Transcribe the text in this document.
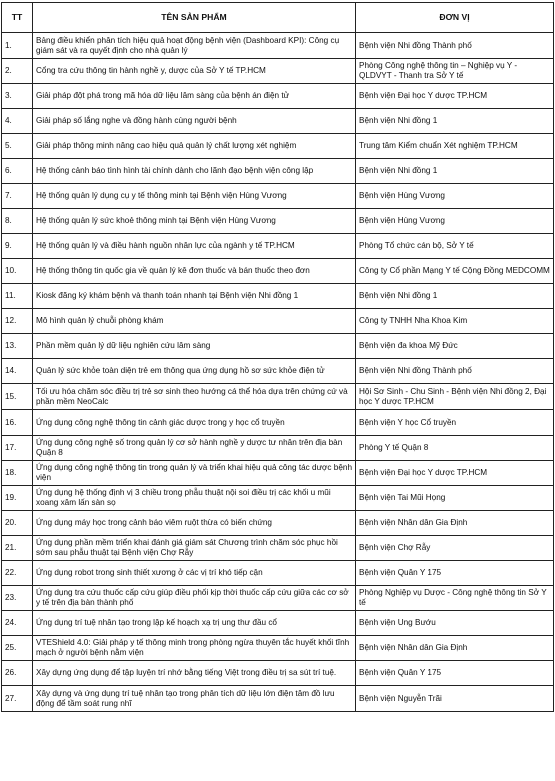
TT	TÊN SẢN PHẨM	ĐƠN VỊ
1.	Bảng điều khiển phân tích hiệu quả hoạt động bệnh viện (Dashboard KPI): Công cụ giám sát và ra quyết định cho nhà quản lý	Bệnh viện Nhi đồng Thành phố
2.	Cổng tra cứu thông tin hành nghề y, dược của Sở Y tế TP.HCM	Phòng Công nghệ thông tin – Nghiệp vụ Y - QLDVYT - Thanh tra Sở Y tế
3.	Giải pháp đột phá trong mã hóa dữ liệu lâm sàng của bệnh án điện tử	Bệnh viện Đại học Y dược TP.HCM
4.	Giải pháp số lắng nghe và đồng hành cùng người bệnh	Bệnh viện Nhi đồng 1
5.	Giải pháp thông minh nâng cao hiệu quả quản lý chất lượng xét nghiệm	Trung tâm Kiểm chuẩn Xét nghiệm TP.HCM
6.	Hệ thống cảnh báo tình hình tài chính dành cho lãnh đạo bệnh viện công lập	Bệnh viện Nhi đồng 1
7.	Hệ thống quản lý dụng cụ y tế thông minh tại Bệnh viện Hùng Vương	Bệnh viện Hùng Vương
8.	Hệ thống quản lý sức khoẻ thông minh tại Bệnh viện Hùng Vương	Bệnh viện Hùng Vương
9.	Hệ thống quản lý và điều hành nguồn nhân lực của ngành y tế TP.HCM	Phòng Tổ chức cán bộ, Sở Y tế
10.	Hệ thống thông tin quốc gia về quản lý kê đơn thuốc và bán thuốc theo đơn	Công ty Cổ phần Mạng Y tế Cộng Đồng MEDCOMM
11.	Kiosk đăng ký khám bệnh và thanh toán nhanh tại Bệnh viện Nhi đồng 1	Bệnh viện Nhi đồng 1
12.	Mô hình quản lý chuỗi phòng khám	Công ty TNHH Nha Khoa Kim
13.	Phần mềm quản lý dữ liệu nghiên cứu lâm sàng	Bệnh viện đa khoa Mỹ Đức
14.	Quản lý sức khỏe toàn diện trẻ em thông qua ứng dụng hồ sơ sức khỏe điện tử	Bệnh viện Nhi đồng Thành phố
15.	Tối ưu hóa chăm sóc điều trị trẻ sơ sinh theo hướng cá thể hóa dựa trên chứng cứ và phần mềm NeoCalc	Hội Sơ Sinh - Chu Sinh - Bệnh viện Nhi đồng 2, Đại học Y dược TP.HCM
16.	Ứng dụng công nghệ thông tin cảnh giác dược trong y học cổ truyền	Bệnh viện Y học Cổ truyền
17.	Ứng dụng công nghệ số trong quản lý cơ sở hành nghề y dược tư nhân trên địa bàn Quận 8	Phòng Y tế Quận 8
18.	Ứng dụng công nghệ thông tin trong quản lý và triển khai hiệu quả công tác dược bệnh viện	Bệnh viện Đại học Y dược TP.HCM
19.	Ứng dụng hệ thống định vị 3 chiều trong phẫu thuật nội soi điều trị các khối u mũi xoang xâm lấn sàn sọ	Bệnh viện Tai Mũi Họng
20.	Ứng dụng máy học trong cảnh báo viêm ruột thừa có biến chứng	Bệnh viện Nhân dân Gia Định
21.	Ứng dụng phần mềm triển khai đánh giá giám sát Chương trình chăm sóc phục hồi sớm sau phẫu thuật tại Bệnh viện Chợ Rẫy	Bệnh viện Chợ Rẫy
22.	Ứng dụng robot trong sinh thiết xương ở các vị trí khó tiếp cận	Bệnh viện Quân Y 175
23.	Ứng dụng tra cứu thuốc cấp cứu giúp điều phối kịp thời thuốc cấp cứu giữa các cơ sở y tế trên địa bàn thành phố	Phòng Nghiệp vụ Dược - Công nghệ thông tin Sở Y tế
24.	Ứng dụng trí tuệ nhân tạo trong lập kế hoạch xạ trị ung thư đầu cổ	Bệnh viện Ung Bướu
25.	VTEShield 4.0: Giải pháp y tế thông minh trong phòng ngừa thuyên tắc huyết khối tĩnh mạch ở người bệnh nằm viện	Bệnh viện Nhân dân Gia Định
26.	Xây dựng ứng dụng để tập luyện trí nhớ bằng tiếng Việt trong điều trị sa sút trí tuệ.	Bệnh viện Quân Y 175
27.	Xây dựng và ứng dụng trí tuệ nhân tạo trong phân tích dữ liệu lớn điện tâm đồ lưu động để tầm soát rung nhĩ	Bệnh viện Nguyễn Trãi
